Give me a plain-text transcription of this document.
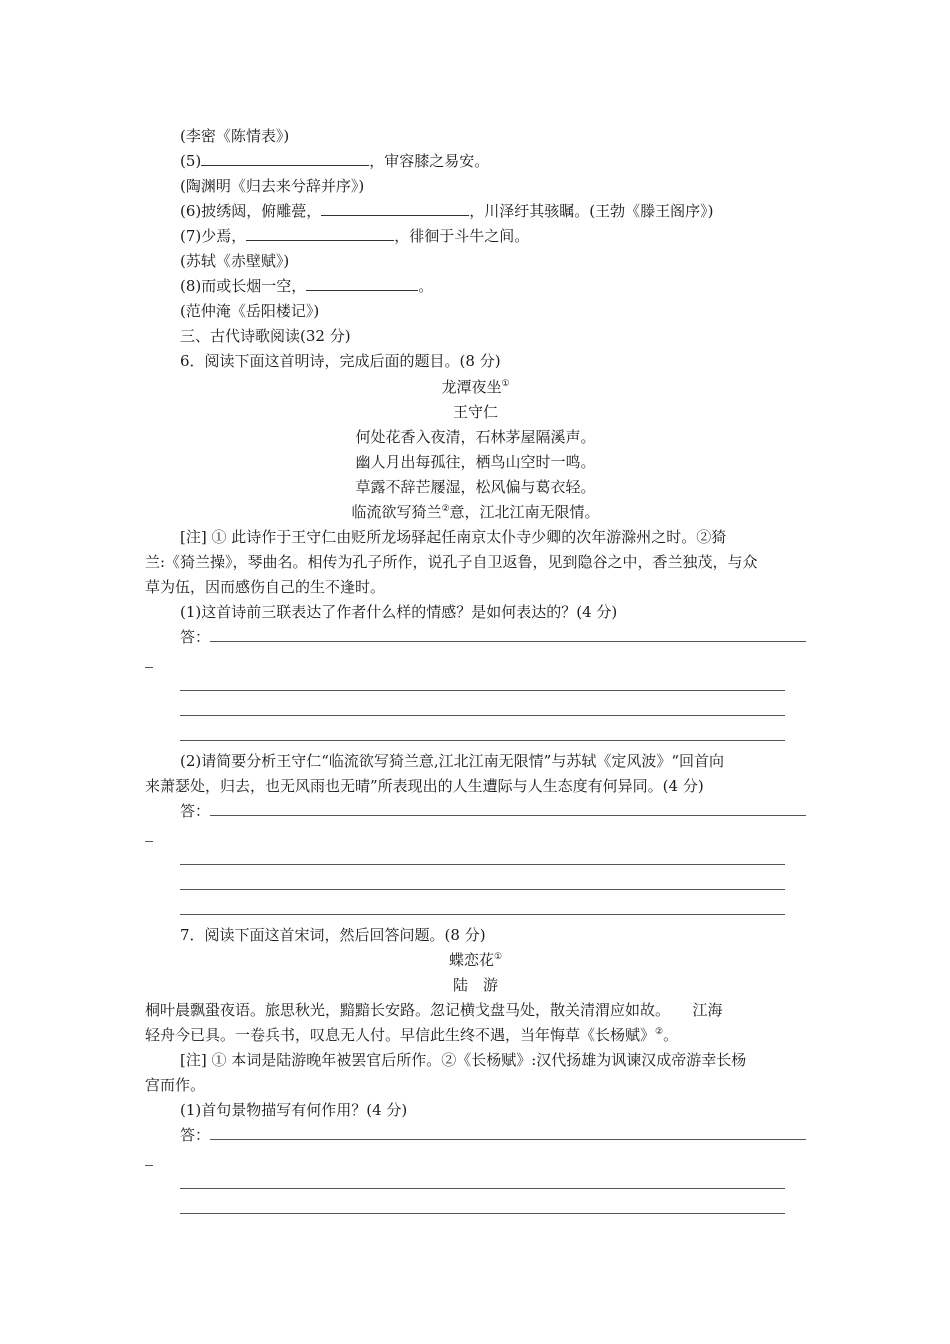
(李密《陈情表》)
(5)	，审容膝之易安。
(陶渊明《归去来兮辞并序》)
(6)披绣闼，俯雕甍，	，川泽纡其骇瞩。(王勃《滕王阁序》)
(7)少焉，	，徘徊于斗牛之间。
(苏轼《赤壁赋》)
(8)而或长烟一空，	。
(范仲淹《岳阳楼记》)
三、古代诗歌阅读(32 分)
6．阅读下面这首明诗，完成后面的题目。(8 分)
龙潭夜坐①
王守仁
何处花香入夜清，石林茅屋隔溪声。
幽人月出每孤往，栖鸟山空时一鸣。
草露不辞芒屦湿，松风偏与葛衣轻。
临流欲写猗兰②意，江北江南无限情。
[注] ① 此诗作于王守仁由贬所龙场驿起任南京太仆寺少卿的次年游滁州之时。②猗
兰:《猗兰操》，琴曲名。相传为孔子所作，说孔子自卫返鲁，见到隐谷之中，香兰独茂，与众
草为伍，因而感伤自己的生不逢时。
(1)这首诗前三联表达了作者什么样的情感？是如何表达的？(4 分)
答：
(2)请简要分析王守仁“临流欲写猗兰意,江北江南无限情”与苏轼《定风波》“回首向
来萧瑟处，归去，也无风雨也无晴”所表现出的人生遭际与人生态度有何异同。(4 分)
答：
7．阅读下面这首宋词，然后回答问题。(8 分)
蝶恋花①
陆　游
桐叶晨飘蛩夜语。旅思秋光，黯黯长安路。忽记横戈盘马处，散关清渭应如故。　　江海
轻舟今已具。一卷兵书，叹息无人付。早信此生终不遇，当年悔草《长杨赋》②。
[注] ① 本词是陆游晚年被罢官后所作。②《长杨赋》:汉代扬雄为讽谏汉成帝游幸长杨
宫而作。
(1)首句景物描写有何作用？(4 分)
答：
